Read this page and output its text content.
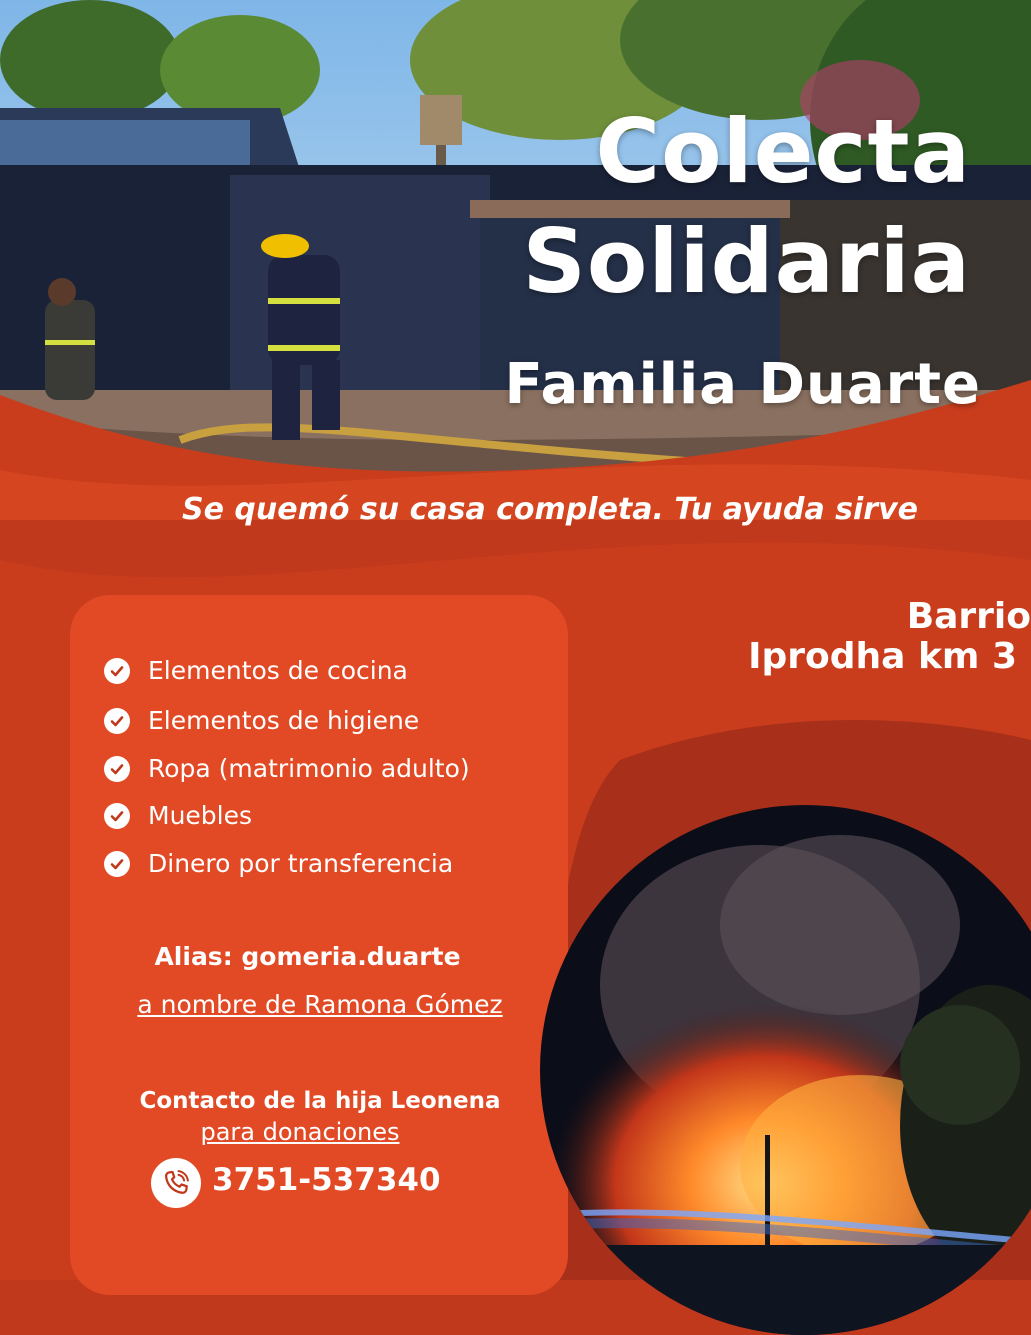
Colecta
Solidaria
Familia Duarte
Se quemó su casa completa. Tu ayuda sirve
Elementos de cocina
Elementos de higiene
Ropa (matrimonio adulto)
Muebles
Dinero por transferencia
Alias: gomeria.duarte
a nombre de Ramona Gómez
Contacto de la hija Leonena
para donaciones
3751-537340
Barrio
Iprodha km 3
